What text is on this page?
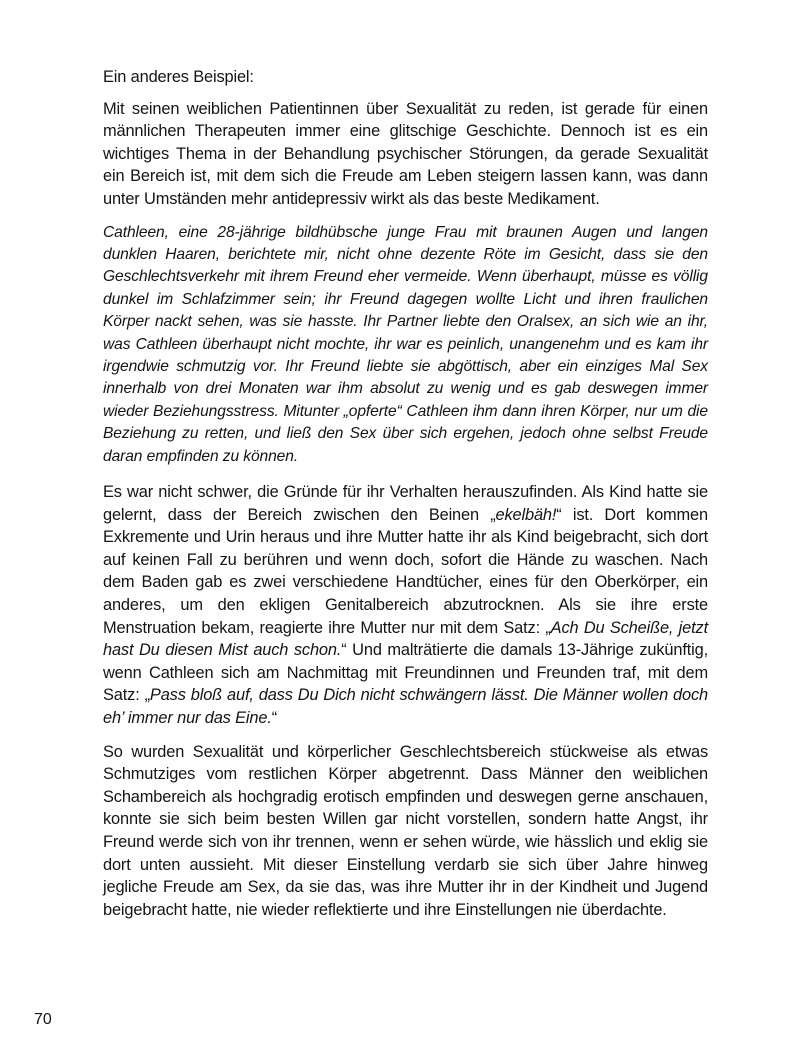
Ein anderes Beispiel:

Mit seinen weiblichen Patientinnen über Sexualität zu reden, ist gerade für einen männlichen Therapeuten immer eine glitschige Geschichte. Dennoch ist es ein wichtiges Thema in der Behandlung psychischer Störungen, da gerade Sexualität ein Bereich ist, mit dem sich die Freude am Leben steigern lassen kann, was dann unter Umständen mehr antidepressiv wirkt als das beste Medikament.

Cathleen, eine 28-jährige bildhübsche junge Frau mit braunen Augen und langen dunklen Haaren, berichtete mir, nicht ohne dezente Röte im Gesicht, dass sie den Geschlechtsverkehr mit ihrem Freund eher vermeide. Wenn überhaupt, müsse es völlig dunkel im Schlafzimmer sein; ihr Freund dagegen wollte Licht und ihren fraulichen Körper nackt sehen, was sie hasste. Ihr Partner liebte den Oralsex, an sich wie an ihr, was Cathleen überhaupt nicht mochte, ihr war es peinlich, unangenehm und es kam ihr irgendwie schmutzig vor. Ihr Freund liebte sie abgöttisch, aber ein einziges Mal Sex innerhalb von drei Monaten war ihm absolut zu wenig und es gab deswegen immer wieder Beziehungsstress. Mitunter „opferte“ Cathleen ihm dann ihren Körper, nur um die Beziehung zu retten, und ließ den Sex über sich ergehen, jedoch ohne selbst Freude daran empfinden zu können.

Es war nicht schwer, die Gründe für ihr Verhalten herauszufinden. Als Kind hatte sie gelernt, dass der Bereich zwischen den Beinen „ekelbäh!“ ist. Dort kommen Exkremente und Urin heraus und ihre Mutter hatte ihr als Kind beigebracht, sich dort auf keinen Fall zu berühren und wenn doch, sofort die Hände zu waschen. Nach dem Baden gab es zwei verschiedene Handtücher, eines für den Oberkörper, ein anderes, um den ekligen Genitalbereich abzutrocknen. Als sie ihre erste Menstruation bekam, reagierte ihre Mutter nur mit dem Satz: „Ach Du Scheiße, jetzt hast Du diesen Mist auch schon.“ Und malträtierte die damals 13-Jährige zukünftig, wenn Cathleen sich am Nachmittag mit Freundinnen und Freunden traf, mit dem Satz: „Pass bloß auf, dass Du Dich nicht schwängern lässt. Die Männer wollen doch eh’ immer nur das Eine.“

So wurden Sexualität und körperlicher Geschlechtsbereich stückweise als etwas Schmutziges vom restlichen Körper abgetrennt. Dass Männer den weiblichen Schambereich als hochgradig erotisch empfinden und deswegen gerne anschauen, konnte sie sich beim besten Willen gar nicht vorstellen, sondern hatte Angst, ihr Freund werde sich von ihr trennen, wenn er sehen würde, wie hässlich und eklig sie dort unten aussieht. Mit dieser Einstellung verdarb sie sich über Jahre hinweg jegliche Freude am Sex, da sie das, was ihre Mutter ihr in der Kindheit und Jugend beigebracht hatte, nie wieder reflektierte und ihre Einstellungen nie überdachte.

70
